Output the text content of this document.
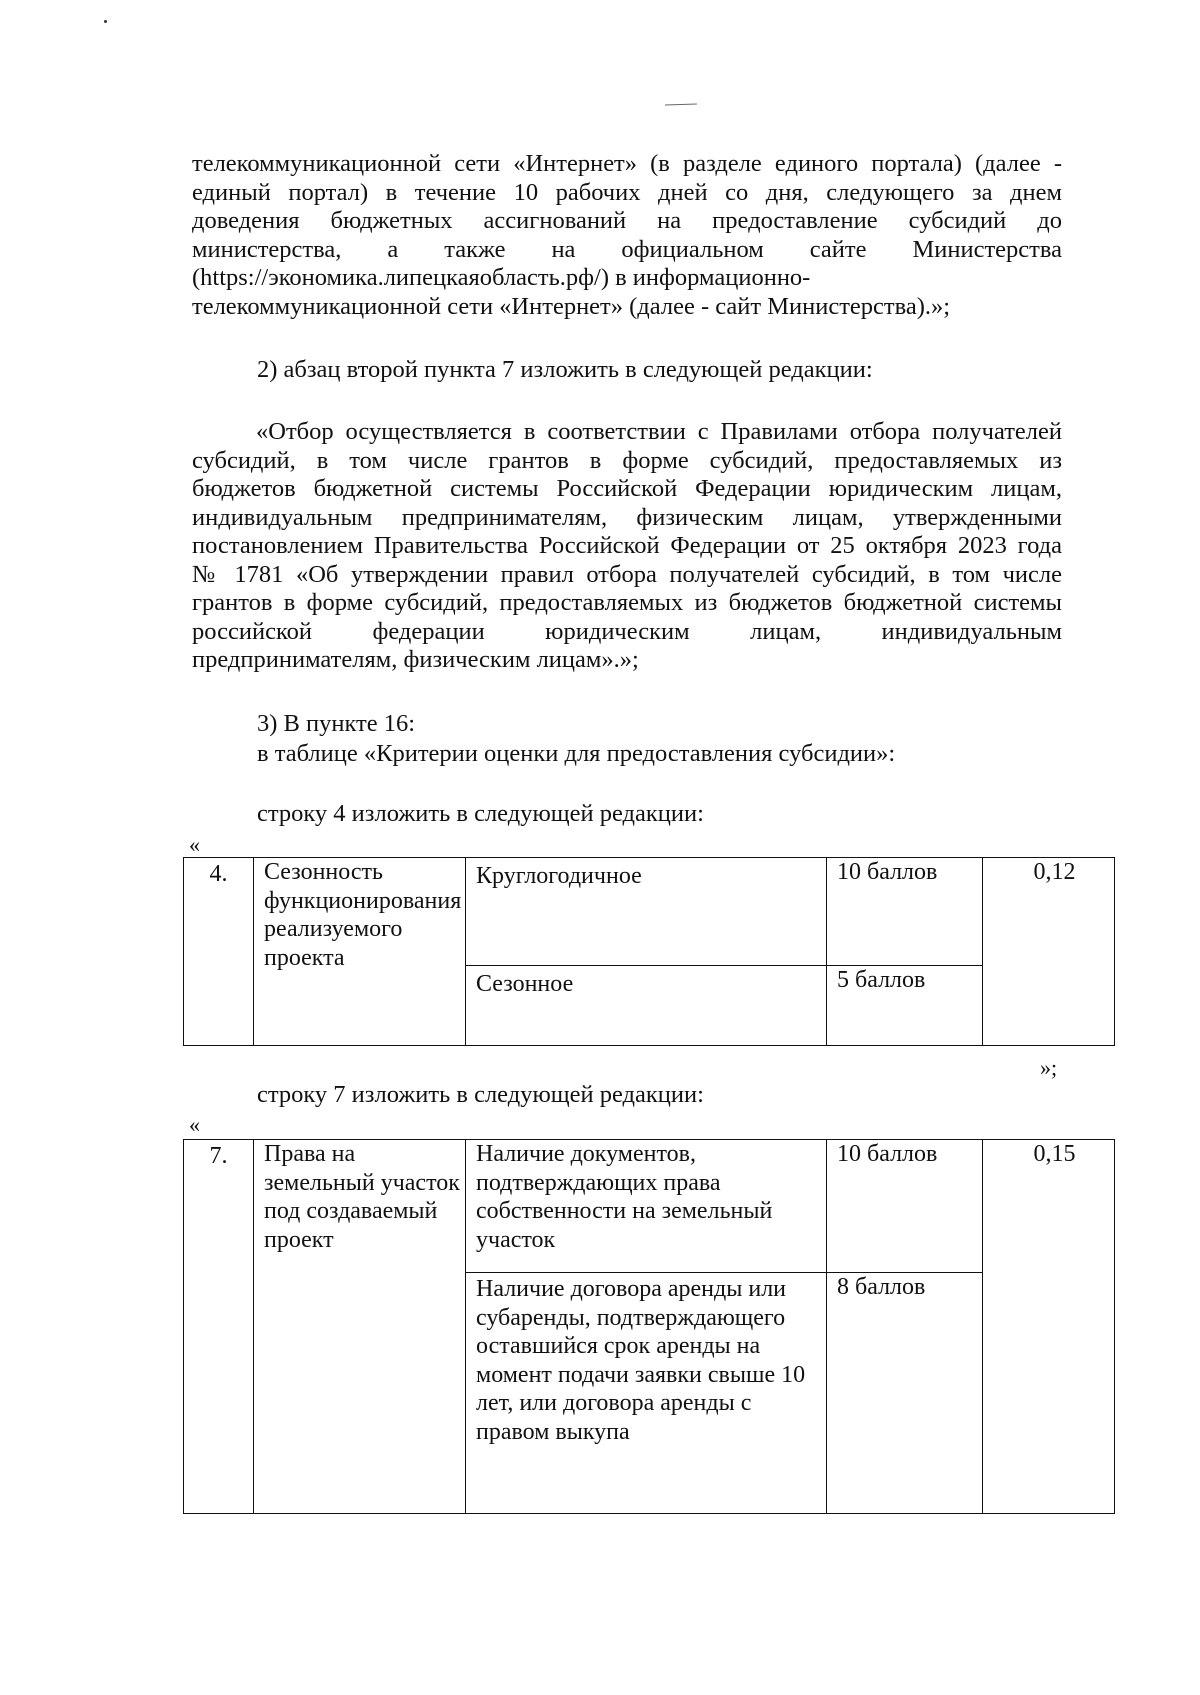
телекоммуникационной сети «Интернет» (в разделе единого портала) (далее -
единый портал) в течение 10 рабочих дней со дня, следующего за днем
доведения бюджетных ассигнований на предоставление субсидий до
министерства, а также на официальном сайте Министерства
(https://экономика.липецкаяобласть.рф/) в информационно-
телекоммуникационной сети «Интернет» (далее - сайт Министерства).»;
2) абзац второй пункта 7 изложить в следующей редакции:
«Отбор осуществляется в соответствии с Правилами отбора получателей
субсидий, в том числе грантов в форме субсидий, предоставляемых из
бюджетов бюджетной системы Российской Федерации юридическим лицам,
индивидуальным предпринимателям, физическим лицам, утвержденными
постановлением Правительства Российской Федерации от 25 октября 2023 года
№ 1781 «Об утверждении правил отбора получателей субсидий, в том числе
грантов в форме субсидий, предоставляемых из бюджетов бюджетной системы
российской федерации юридическим лицам, индивидуальным
предпринимателям, физическим лицам».»;
3) В пункте 16:
в таблице «Критерии оценки для предоставления субсидии»:
строку 4 изложить в следующей редакции:
«
4.	Сезонность функционирования реализуемого проекта	Круглогодичное	10 баллов	0,12
		Сезонное	5 баллов	
»;
строку 7 изложить в следующей редакции:
«
7.	Права на земельный участок под создаваемый проект	Наличие документов, подтверждающих права собственности на земельный участок	10 баллов	0,15
		Наличие договора аренды или субаренды, подтверждающего оставшийся срок аренды на момент подачи заявки свыше 10 лет, или договора аренды с правом выкупа	8 баллов	
